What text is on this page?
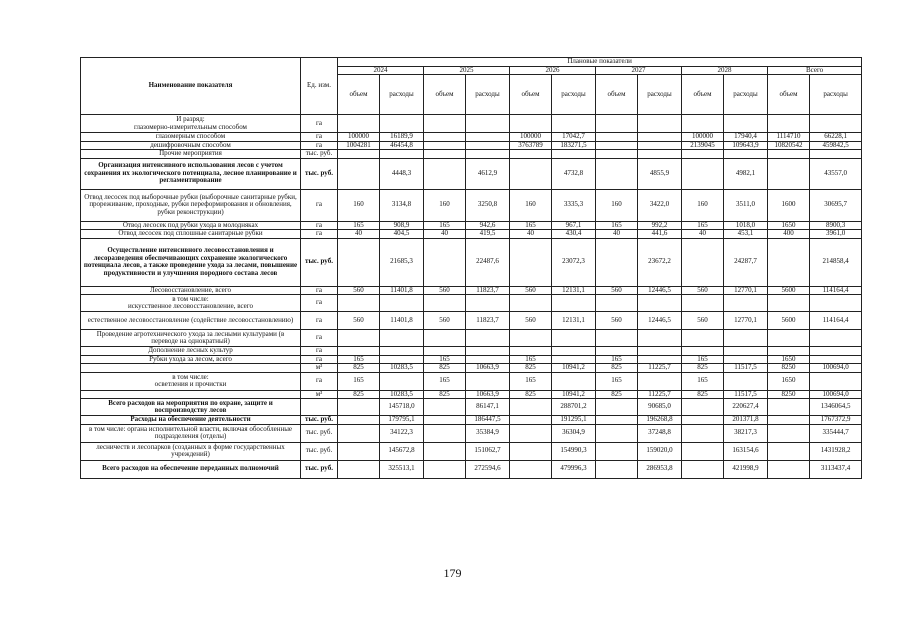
Наименование показателя	Ед. изм.	Плановые показатели											
		2024		2025		2026		2027		2028		Всего	
		объем	расходы	объем	расходы	объем	расходы	объем	расходы	объем	расходы	объем	расходы
И разряд:
глазомерно-измерительным способом	га												
глазомерным способом	га	100000	16189,9			100000	17042,7			100000	17940,4	1114710	66228,1
дешифровочным способом	га	1004281	46454,8			3763789	183271,5			2139045	109643,9	10820542	459842,5
Прочие мероприятия	тыс. руб.												
Организация интенсивного использования лесов с учетом сохранения их экологического потенциала, лесное планирование и регламентирование	тыс. руб.		4448,3		4612,9		4732,8		4855,9		4982,1		43557,0
Отвод лесосек под выборочные рубки (выборочные санитарные рубки, прореживание, проходные, рубки переформирования и обновления, рубки реконструкции)	га	160	3134,8	160	3250,8	160	3335,3	160	3422,0	160	3511,0	1600	30695,7
Отвод лесосек под рубки ухода в молодняках	га	165	908,9	165	942,6	165	967,1	165	992,2	165	1018,0	1650	8900,3
Отвод лесосек под сплошные санитарные рубки	га	40	404,5	40	419,5	40	430,4	40	441,6	40	453,1	400	3961,0
Осуществление интенсивного лесовосстановления и лесоразведения обеспечивающих сохранение экологического потенциала лесов, а также проведение ухода за лесами, повышение продуктивности и улучшения породного состава лесов	тыс. руб.		21685,3		22487,6		23072,3		23672,2		24287,7		214858,4
Лесовосстановление, всего	га	560	11401,8	560	11823,7	560	12131,1	560	12446,5	560	12770,1	5600	114164,4
в том числе:
искусственное лесовосстановление, всего	га												
естественное лесовосстановление (содействие лесовосстановлению)	га	560	11401,8	560	11823,7	560	12131,1	560	12446,5	560	12770,1	5600	114164,4
Проведение агротехнического ухода за лесными культурами (в переводе на однократный)	га												
Дополнение лесных культур	га												
Рубки ухода за лесом, всего	га	165		165		165		165		165		1650	
	м³	825	10283,5	825	10663,9	825	10941,2	825	11225,7	825	11517,5	8250	100694,0
в том числе:
осветления и прочистки	га	165		165		165		165		165		1650	
	м³	825	10283,5	825	10663,9	825	10941,2	825	11225,7	825	11517,5	8250	100694,0
Всего расходов на мероприятия по охране, защите и воспроизводству лесов			145718,0		86147,1		288701,2		90685,0		220627,4		1346064,5
Расходы на обеспечение деятельности	тыс. руб.		179795,1		186447,5		191295,1		196268,8		201371,8		1767372,9
в том числе: органа исполнительной власти, включая обособленные подразделения (отделы)	тыс. руб.		34122,3		35384,9		36304,9		37248,8		38217,3		335444,7
лесничеств и лесопарков (созданных в форме государственных учреждений)	тыс. руб.		145672,8		151062,7		154990,3		159020,0		163154,6		1431928,2
Всего расходов на обеспечение переданных полномочий	тыс. руб.		325513,1		272594,6		479996,3		286953,8		421998,9		3113437,4
179
